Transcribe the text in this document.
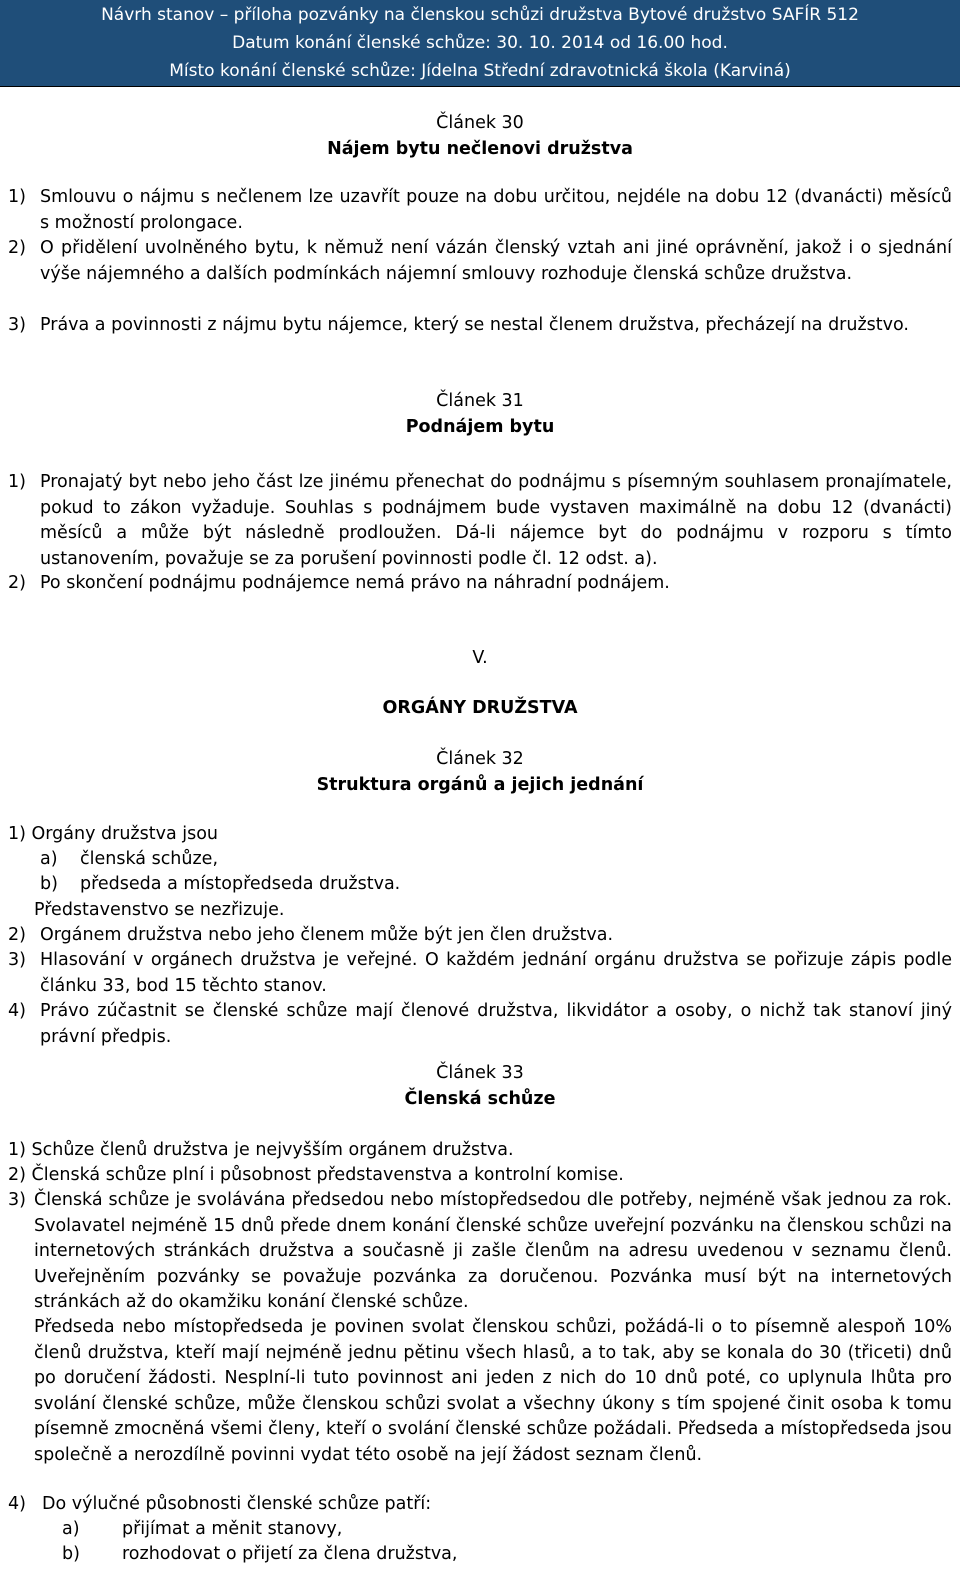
Návrh stanov – příloha pozvánky na členskou schůzi družstva Bytové družstvo SAFÍR 512
Datum konání členské schůze: 30. 10. 2014 od 16.00 hod.
Místo konání členské schůze: Jídelna Střední zdravotnická škola (Karviná)
Článek 30
Nájem bytu nečlenovi družstva
1) Smlouvu o nájmu s nečlenem lze uzavřít pouze na dobu určitou, nejdéle na dobu 12 (dvanácti) měsíců s možností prolongace.
2) O přidělení uvolněného bytu, k němuž není vázán členský vztah ani jiné oprávnění, jakož i o sjednání výše nájemného a dalších podmínkách nájemní smlouvy rozhoduje členská schůze družstva.
3) Práva a povinnosti z nájmu bytu nájemce, který se nestal členem družstva, přecházejí na družstvo.
Článek 31
Podnájem bytu
1) Pronajatý byt nebo jeho část lze jinému přenechat do podnájmu s písemným souhlasem pronajímatele, pokud to zákon vyžaduje. Souhlas s podnájmem bude vystaven maximálně na dobu 12 (dvanácti) měsíců a může být následně prodloužen. Dá-li nájemce byt do podnájmu v rozporu s tímto ustanovením, považuje se za porušení povinnosti podle čl. 12 odst. a).
2) Po skončení podnájmu podnájemce nemá právo na náhradní podnájem.
V.
ORGÁNY DRUŽSTVA
Článek 32
Struktura orgánů a jejich jednání
1) Orgány družstva jsou
a) členská schůze,
b) předseda a místopředseda družstva.
Představenstvo se nezřizuje.
2) Orgánem družstva nebo jeho členem může být jen člen družstva.
3) Hlasování v orgánech družstva je veřejné. O každém jednání orgánu družstva se pořizuje zápis podle článku 33, bod 15 těchto stanov.
4) Právo zúčastnit se členské schůze mají členové družstva, likvidátor a osoby, o nichž tak stanoví jiný právní předpis.
Článek 33
Členská schůze
1) Schůze členů družstva je nejvyšším orgánem družstva.
2) Členská schůze plní i působnost představenstva a kontrolní komise.
3) Členská schůze je svolávána předsedou nebo místopředsedou dle potřeby, nejméně však jednou za rok. Svolavatel nejméně 15 dnů přede dnem konání členské schůze uveřejní pozvánku na členskou schůzi na internetových stránkách družstva a současně ji zašle členům na adresu uvedenou v seznamu členů. Uveřejněním pozvánky se považuje pozvánka za doručenou. Pozvánka musí být na internetových stránkách až do okamžiku konání členské schůze.
Předseda nebo místopředseda je povinen svolat členskou schůzi, požádá-li o to písemně alespoň 10% členů družstva, kteří mají nejméně jednu pětinu všech hlasů, a to tak, aby se konala do 30 (třiceti) dnů po doručení žádosti. Nesplní-li tuto povinnost ani jeden z nich do 10 dnů poté, co uplynula lhůta pro svolání členské schůze, může členskou schůzi svolat a všechny úkony s tím spojené činit osoba k tomu písemně zmocněná všemi členy, kteří o svolání členské schůze požádali. Předseda a místopředseda jsou společně a nerozdílně povinni vydat této osobě na její žádost seznam členů.
4) Do výlučné působnosti členské schůze patří:
a) přijímat a měnit stanovy,
b) rozhodovat o přijetí za člena družstva,
